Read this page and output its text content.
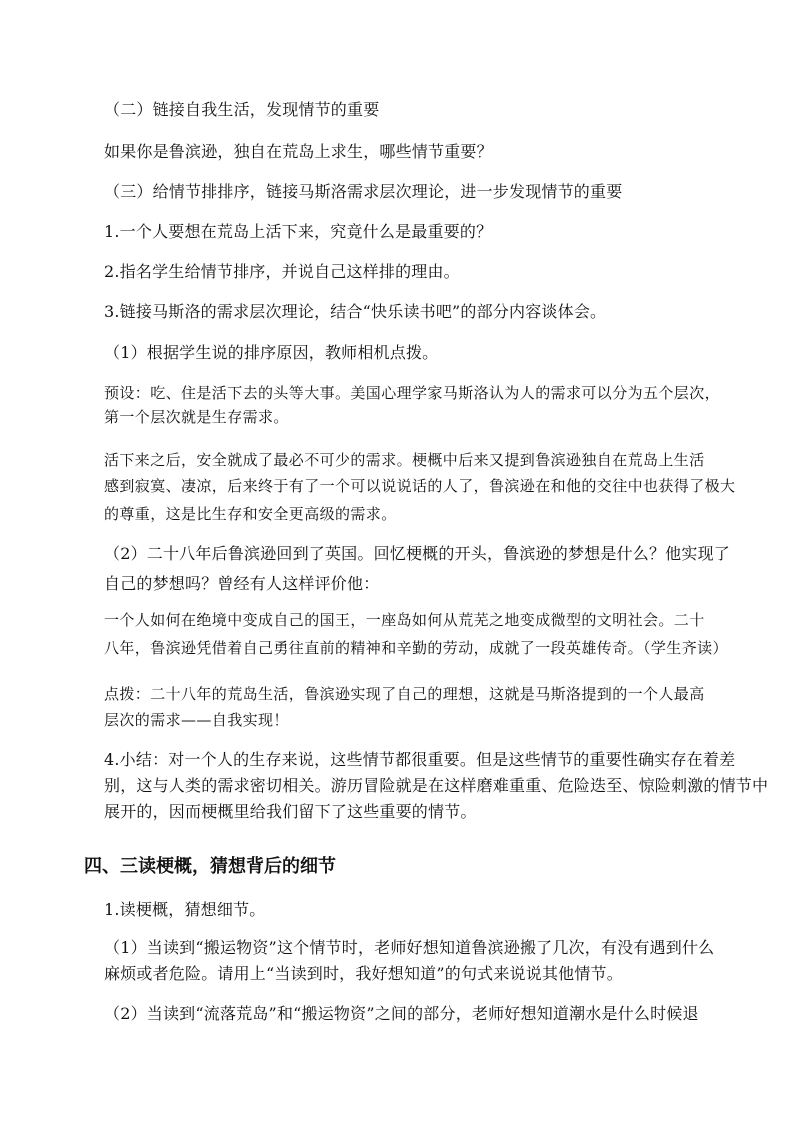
（二）链接自我生活，发现情节的重要
如果你是鲁滨逊，独自在荒岛上求生，哪些情节重要？
（三）给情节排排序，链接马斯洛需求层次理论，进一步发现情节的重要
1.一个人要想在荒岛上活下来，究竟什么是最重要的？
2.指名学生给情节排序，并说自己这样排的理由。
3.链接马斯洛的需求层次理论，结合“快乐读书吧”的部分内容谈体会。
（1）根据学生说的排序原因，教师相机点拨。
预设：吃、住是活下去的头等大事。美国心理学家马斯洛认为人的需求可以分为五个层次，
第一个层次就是生存需求。
活下来之后，安全就成了最必不可少的需求。梗概中后来又提到鲁滨逊独自在荒岛上生活
感到寂寞、凄凉，后来终于有了一个可以说说话的人了，鲁滨逊在和他的交往中也获得了极大
的尊重，这是比生存和安全更高级的需求。
（2）二十八年后鲁滨逊回到了英国。回忆梗概的开头，鲁滨逊的梦想是什么？他实现了
自己的梦想吗？曾经有人这样评价他：
一个人如何在绝境中变成自己的国王，一座岛如何从荒芜之地变成微型的文明社会。二十
八年，鲁滨逊凭借着自己勇往直前的精神和辛勤的劳动，成就了一段英雄传奇。（学生齐读）
点拨：二十八年的荒岛生活，鲁滨逊实现了自己的理想，这就是马斯洛提到的一个人最高
层次的需求——自我实现！
4.小结：对一个人的生存来说，这些情节都很重要。但是这些情节的重要性确实存在着差
别，这与人类的需求密切相关。游历冒险就是在这样磨难重重、危险迭至、惊险刺激的情节中
展开的，因而梗概里给我们留下了这些重要的情节。
四、三读梗概，猜想背后的细节
1.读梗概，猜想细节。
（1）当读到“搬运物资”这个情节时，老师好想知道鲁滨逊搬了几次，有没有遇到什么
麻烦或者危险。请用上“当读到时，我好想知道”的句式来说说其他情节。
（2）当读到“流落荒岛”和“搬运物资”之间的部分，老师好想知道潮水是什么时候退
